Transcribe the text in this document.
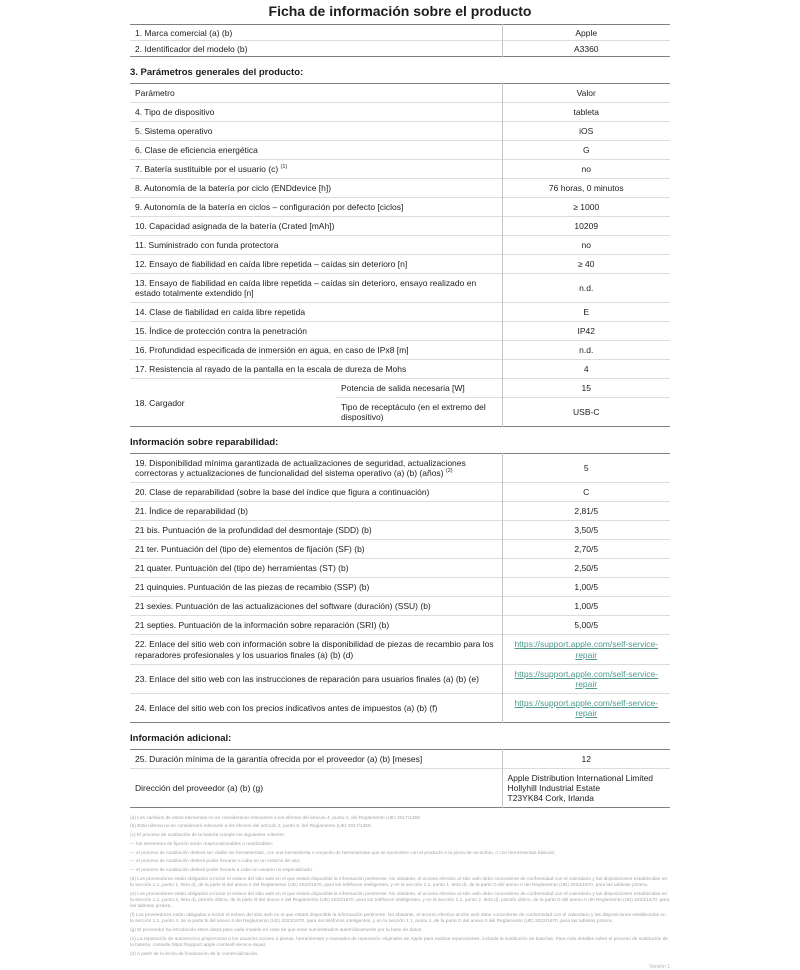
Ficha de información sobre el producto
1. Marca comercial (a) (b)	Apple
2. Identificador del modelo (b)	A3360
3. Parámetros generales del producto:
Parámetro		Valor
4. Tipo de dispositivo		tableta
5. Sistema operativo		iOS
6. Clase de eficiencia energética		G
7. Batería sustituible por el usuario (c) $^{(1)}$		no
8. Autonomía de la batería por ciclo (ENDdevice [h])		76 horas, 0 minutos
9. Autonomía de la batería en ciclos – configuración por defecto [ciclos]		≥ 1000
10. Capacidad asignada de la batería (Crated [mAh])		10209
11. Suministrado con funda protectora		no
12. Ensayo de fiabilidad en caída libre repetida – caídas sin deterioro [n]		≥ 40
13. Ensayo de fiabilidad en caída libre repetida – caídas sin deterioro, ensayo realizado en estado totalmente extendido [n]		n.d.
14. Clase de fiabilidad en caída libre repetida		E
15. Índice de protección contra la penetración		IP42
16. Profundidad especificada de inmersión en agua, en caso de IPx8 [m]		n.d.
17. Resistencia al rayado de la pantalla en la escala de dureza de Mohs		4
18. Cargador	Potencia de salida necesaria [W]	15
	Tipo de receptáculo (en el extremo del dispositivo)	USB-C
Información sobre reparabilidad:
19. Disponibilidad mínima garantizada de actualizaciones de seguridad, actualizaciones correctoras y actualizaciones de funcionalidad del sistema operativo (a) (b) (años) $^{(2)}$	5
20. Clase de reparabilidad (sobre la base del índice que figura a continuación)	C
21. Índice de reparabilidad (b)	2,81/5
21 bis. Puntuación de la profundidad del desmontaje (SDD) (b)	3,50/5
21 ter. Puntuación del (tipo de) elementos de fijación (SF) (b)	2,70/5
21 quater. Puntuación del (tipo de) herramientas (ST) (b)	2,50/5
21 quinquies. Puntuación de las piezas de recambio (SSP) (b)	1,00/5
21 sexies. Puntuación de las actualizaciones del software (duración) (SSU) (b)	1,00/5
21 septies. Puntuación de la información sobre reparación (SRI) (b)	5,00/5
22. Enlace del sitio web con información sobre la disponibilidad de piezas de recambio para los reparadores profesionales y los usuarios finales (a) (b) (d)	https://support.apple.com/self-service-repair
23. Enlace del sitio web con las instrucciones de reparación para usuarios finales (a) (b) (e)	https://support.apple.com/self-service-repair
24. Enlace del sitio web con los precios indicativos antes de impuestos (a) (b) (f)	https://support.apple.com/self-service-repair
Información adicional:
25. Duración mínima de la garantía ofrecida por el proveedor (a) (b) [meses]	12
Dirección del proveedor (a) (b) (g)	Apple Distribution International Limited
Hollyhill Industrial Estate
T23YK84 Cork, Irlanda

(a) Los cambios de estos elementos no se considerarán relevantes a los efectos del artículo 4, punto 4, del Reglamento (UE) 2017/1369.

(b) Esta rúbrica no se considerará relevante a los efectos del artículo 2, punto 6, del Reglamento (UE) 2017/1369.

(c) El proceso de sustitución de la batería cumple los siguientes criterios:

— los elementos de fijación serán reaprovisionables o reutilizables;

— el proceso de sustitución deberá ser viable sin herramientas, con una herramienta o conjunto de herramientas que se suministre con el producto o la pieza de recambio, o con herramientas básicas;

— el proceso de sustitución deberá poder llevarse a cabo en un entorno de uso;

— el proceso de sustitución deberá poder llevarlo a cabo un usuario no especializado.

(d) Los proveedores están obligados a incluir el enlace del sitio web en el que estará disponible la información pertinente. No obstante, el acceso efectivo al sitio web debe concederse de conformidad con el calendario y las disposiciones establecidas en la sección 1.1, punto 1, letra d), de la parte B del anexo II del Reglamento (UE) 2023/1670, para los teléfonos inteligentes, y en la sección 1.1, punto 1, letra d), de la parte D del anexo II del Reglamento (UE) 2023/1670, para las tabletas pizarra.

(e) Los proveedores están obligados a incluir el enlace del sitio web en el que estará disponible la información pertinente. No obstante, el acceso efectivo al sitio web debe concederse de conformidad con el calendario y las disposiciones establecidas en la sección 1.1, punto 2, letra d), párrafo último, de la parte B del anexo II del Reglamento (UE) 2023/1670, para los teléfonos inteligentes, y en la sección 1.1, punto 2, letra d), párrafo último, de la parte D del anexo II del Reglamento (UE) 2023/1670, para las tabletas pizarra.

(f) Los proveedores están obligados a incluir el enlace del sitio web en el que estará disponible la información pertinente. No obstante, el acceso efectivo al sitio web debe concederse de conformidad con el calendario y las disposiciones establecidas en la sección 1.1, punto 4, de la parte B del anexo II del Reglamento (UE) 2023/1670, para los teléfonos inteligentes, y en la sección 1.1, punto 4, de la parte D del anexo II del Reglamento (UE) 2023/1670, para las tabletas pizarra.

(g) El proveedor ha introducido estos datos para cada modelo en caso de que sean suministrados automáticamente por la base de datos.

(1) La reparación de autoservicio proporciona a los usuarios acceso a piezas, herramientas y manuales de reparación originales de Apple para realizar reparaciones, incluida la sustitución de baterías. Para más detalles sobre el proceso de sustitución de la batería, consulte https://support.apple.com/self-service-repair.

(2) A partir de la fecha de finalización de la comercialización.

Versión 1
